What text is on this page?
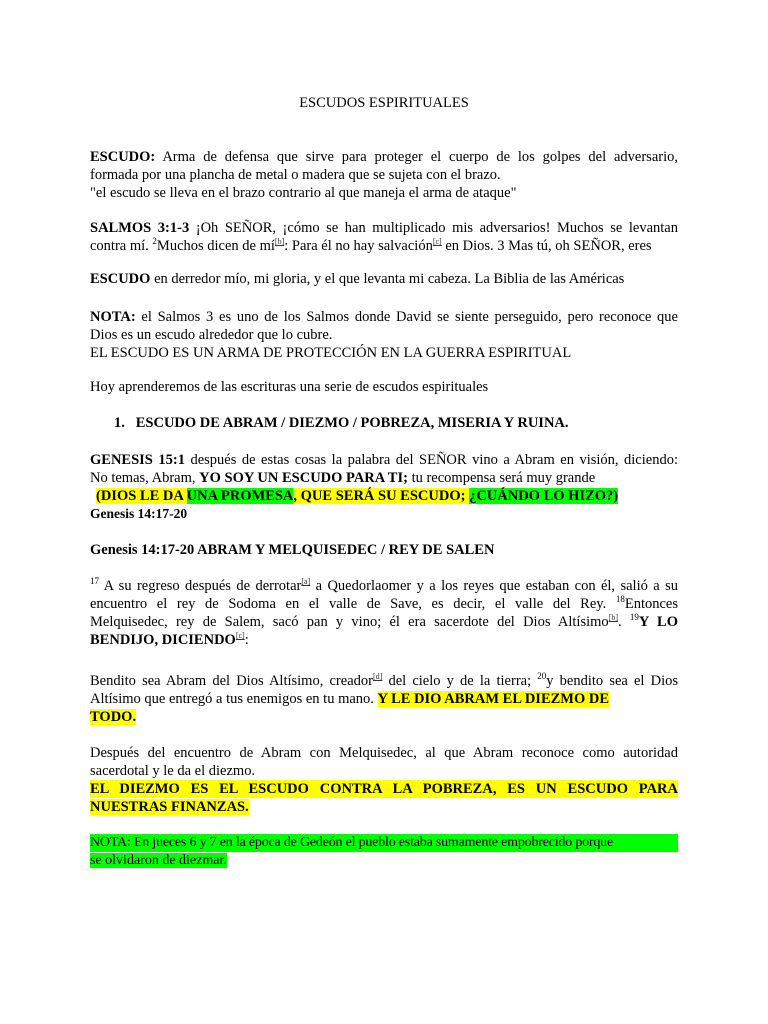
ESCUDOS ESPIRITUALES
ESCUDO: Arma de defensa que sirve para proteger el cuerpo de los golpes del adversario,
formada por una plancha de metal o madera que se sujeta con el brazo.
"el escudo se lleva en el brazo contrario al que maneja el arma de ataque"
SALMOS 3:1-3 ¡Oh SEÑOR, ¡cómo se han multiplicado mis adversarios! Muchos se levantan
contra mí. $^2$Muchos dicen de mí[b]: Para él no hay salvación[c] en Dios. 3 Mas tú, oh SEÑOR, eres
ESCUDO en derredor mío, mi gloria, y el que levanta mi cabeza. La Biblia de las Américas
NOTA: el Salmos 3 es uno de los Salmos donde David se siente perseguido, pero reconoce que
Dios es un escudo alrededor que lo cubre.
EL ESCUDO ES UN ARMA DE PROTECCIÓN EN LA GUERRA ESPIRITUAL
Hoy aprenderemos de las escrituras una serie de escudos espirituales
1. ESCUDO DE ABRAM / DIEZMO / POBREZA, MISERIA Y RUINA.
GENESIS 15:1 después de estas cosas la palabra del SEÑOR vino a Abram en visión, diciendo:
No temas, Abram, YO SOY UN ESCUDO PARA TI; tu recompensa será muy grande
(DIOS LE DA UNA PROMESA, QUE SERÁ SU ESCUDO; ¿CUÁNDO LO HIZO?)
Genesis 14:17-20
Genesis 14:17-20 ABRAM Y MELQUISEDEC / REY DE SALEN
$^{17}$ A su regreso después de derrotar[a] a Quedorlaomer y a los reyes que estaban con él, salió a su
encuentro el rey de Sodoma en el valle de Save, es decir, el valle del Rey. $^{18}$Entonces
Melquisedec, rey de Salem, sacó pan y vino; él era sacerdote del Dios Altísimo[b]. $^{19}$Y LO
BENDIJO, DICIENDO[c]:
Bendito sea Abram del Dios Altísimo, creador[d] del cielo y de la tierra; $^{20}$y bendito sea el Dios
Altísimo que entregó a tus enemigos en tu mano. Y LE DIO ABRAM EL DIEZMO DE
TODO.
Después del encuentro de Abram con Melquisedec, al que Abram reconoce como autoridad
sacerdotal y le da el diezmo.
EL DIEZMO ES EL ESCUDO CONTRA LA POBREZA, ES UN ESCUDO PARA
NUESTRAS FINANZAS.
NOTA: En jueces 6 y 7 en la época de Gedeón el pueblo estaba sumamente empobrecido porque
se olvidaron de diezmar.
